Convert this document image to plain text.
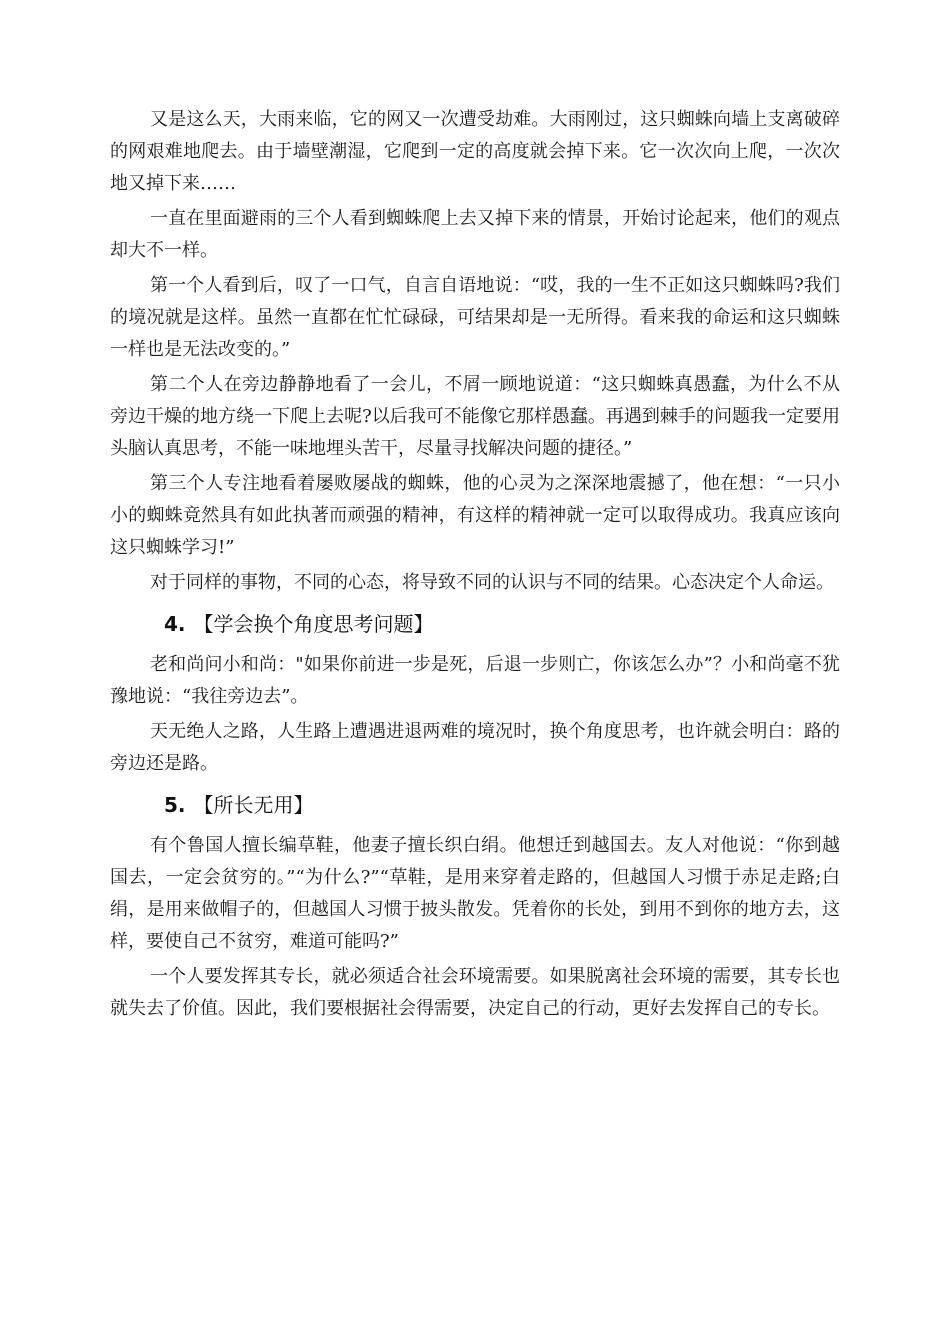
又是这么天，大雨来临，它的网又一次遭受劫难。大雨刚过，这只蜘蛛向墙上支离破碎的网艰难地爬去。由于墙壁潮湿，它爬到一定的高度就会掉下来。它一次次向上爬，一次次地又掉下来……

一直在里面避雨的三个人看到蜘蛛爬上去又掉下来的情景，开始讨论起来，他们的观点却大不一样。

第一个人看到后，叹了一口气，自言自语地说：“哎，我的一生不正如这只蜘蛛吗?我们的境况就是这样。虽然一直都在忙忙碌碌，可结果却是一无所得。看来我的命运和这只蜘蛛一样也是无法改变的。”

第二个人在旁边静静地看了一会儿，不屑一顾地说道：“这只蜘蛛真愚蠢，为什么不从旁边干燥的地方绕一下爬上去呢?以后我可不能像它那样愚蠢。再遇到棘手的问题我一定要用头脑认真思考，不能一味地埋头苦干，尽量寻找解决问题的捷径。”

第三个人专注地看着屡败屡战的蜘蛛，他的心灵为之深深地震撼了，他在想：“一只小小的蜘蛛竟然具有如此执著而顽强的精神，有这样的精神就一定可以取得成功。我真应该向这只蜘蛛学习!”

对于同样的事物，不同的心态，将导致不同的认识与不同的结果。心态决定个人命运。

4. 【学会换个角度思考问题】

老和尚问小和尚："如果你前进一步是死，后退一步则亡，你该怎么办”？小和尚毫不犹豫地说：“我往旁边去”。

天无绝人之路，人生路上遭遇进退两难的境况时，换个角度思考，也许就会明白：路的旁边还是路。

5. 【所长无用】

有个鲁国人擅长编草鞋，他妻子擅长织白绢。他想迁到越国去。友人对他说：“你到越国去，一定会贫穷的。”“为什么?”“草鞋，是用来穿着走路的，但越国人习惯于赤足走路;白绢，是用来做帽子的，但越国人习惯于披头散发。凭着你的长处，到用不到你的地方去，这样，要使自己不贫穷，难道可能吗?”

一个人要发挥其专长，就必须适合社会环境需要。如果脱离社会环境的需要，其专长也就失去了价值。因此，我们要根据社会得需要，决定自己的行动，更好去发挥自己的专长。
